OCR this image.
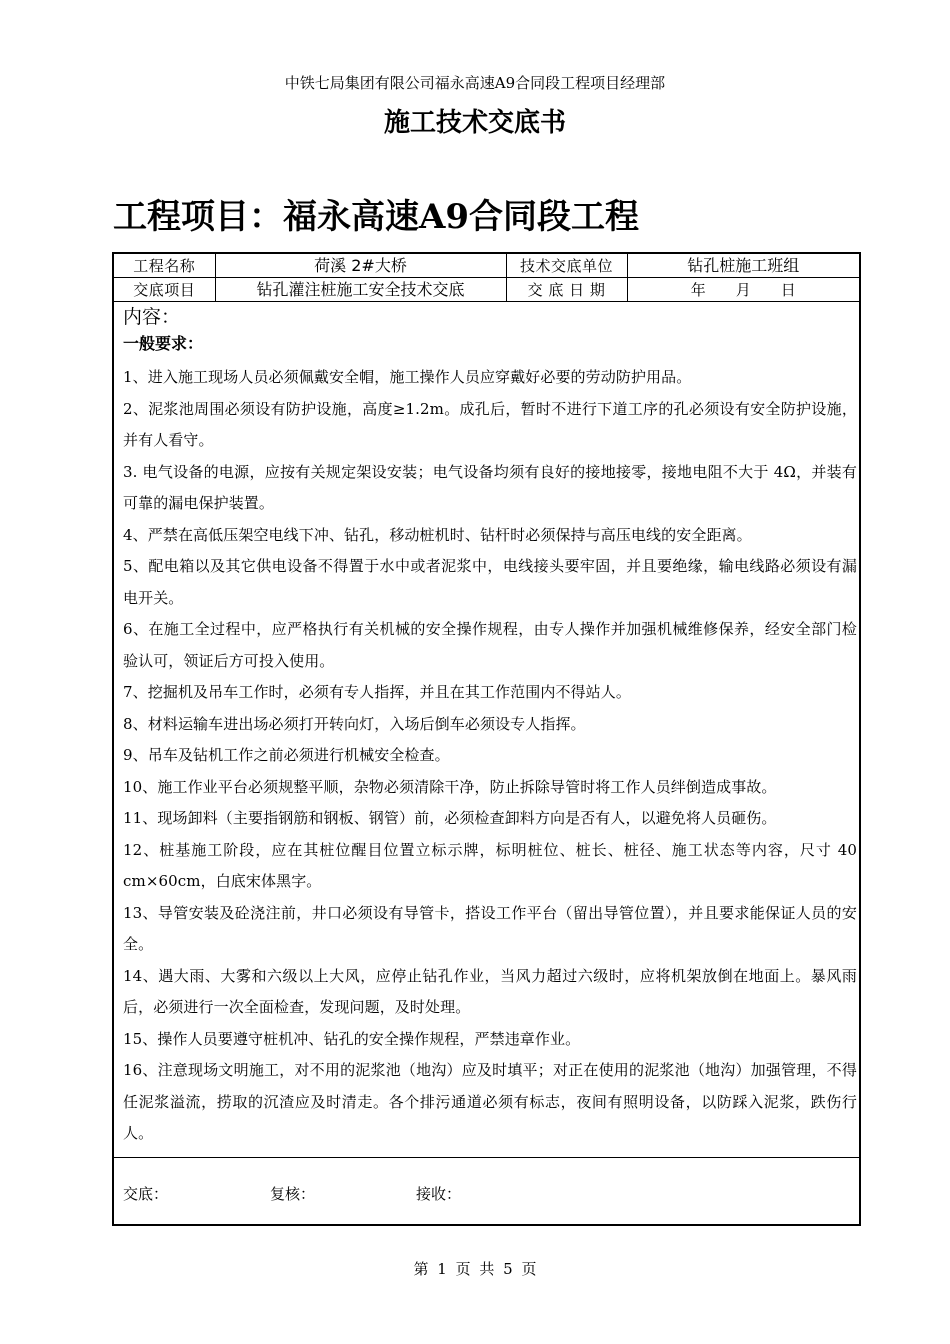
中铁七局集团有限公司福永高速A9合同段工程项目经理部
施工技术交底书
工程项目：福永高速A9合同段工程
工程名称	荷溪 2#大桥	技术交底单位	钻孔桩施工班组
交底项目	钻孔灌注桩施工安全技术交底	交 底 日 期	年　　月　　日
内容：
一般要求：
1、进入施工现场人员必须佩戴安全帽，施工操作人员应穿戴好必要的劳动防护用品。
2、泥浆池周围必须设有防护设施，高度≥1.2m。成孔后，暂时不进行下道工序的孔必须设有安全防护设施，并有人看守。
3. 电气设备的电源，应按有关规定架设安装；电气设备均须有良好的接地接零，接地电阻不大于 4Ω，并装有可靠的漏电保护装置。
4、严禁在高低压架空电线下冲、钻孔，移动桩机时、钻杆时必须保持与高压电线的安全距离。
5、配电箱以及其它供电设备不得置于水中或者泥浆中，电线接头要牢固，并且要绝缘，输电线路必须设有漏电开关。
6、在施工全过程中，应严格执行有关机械的安全操作规程，由专人操作并加强机械维修保养，经安全部门检验认可，领证后方可投入使用。
7、挖掘机及吊车工作时，必须有专人指挥，并且在其工作范围内不得站人。
8、材料运输车进出场必须打开转向灯，入场后倒车必须设专人指挥。
9、吊车及钻机工作之前必须进行机械安全检查。
10、施工作业平台必须规整平顺，杂物必须清除干净，防止拆除导管时将工作人员绊倒造成事故。
11、现场卸料（主要指钢筋和钢板、钢管）前，必须检查卸料方向是否有人，以避免将人员砸伤。
12、桩基施工阶段，应在其桩位醒目位置立标示牌，标明桩位、桩长、桩径、施工状态等内容，尺寸 40 cm×60cm，白底宋体黑字。
13、导管安装及砼浇注前，井口必须设有导管卡，搭设工作平台（留出导管位置），并且要求能保证人员的安全。
14、遇大雨、大雾和六级以上大风，应停止钻孔作业，当风力超过六级时，应将机架放倒在地面上。暴风雨后，必须进行一次全面检查，发现问题，及时处理。
15、操作人员要遵守桩机冲、钻孔的安全操作规程，严禁违章作业。
16、注意现场文明施工，对不用的泥浆池（地沟）应及时填平；对正在使用的泥浆池（地沟）加强管理，不得任泥浆溢流，捞取的沉渣应及时清走。各个排污通道必须有标志，夜间有照明设备，以防踩入泥浆，跌伤行人。
交底：	复核：	接收：
第 1 页 共 5 页
